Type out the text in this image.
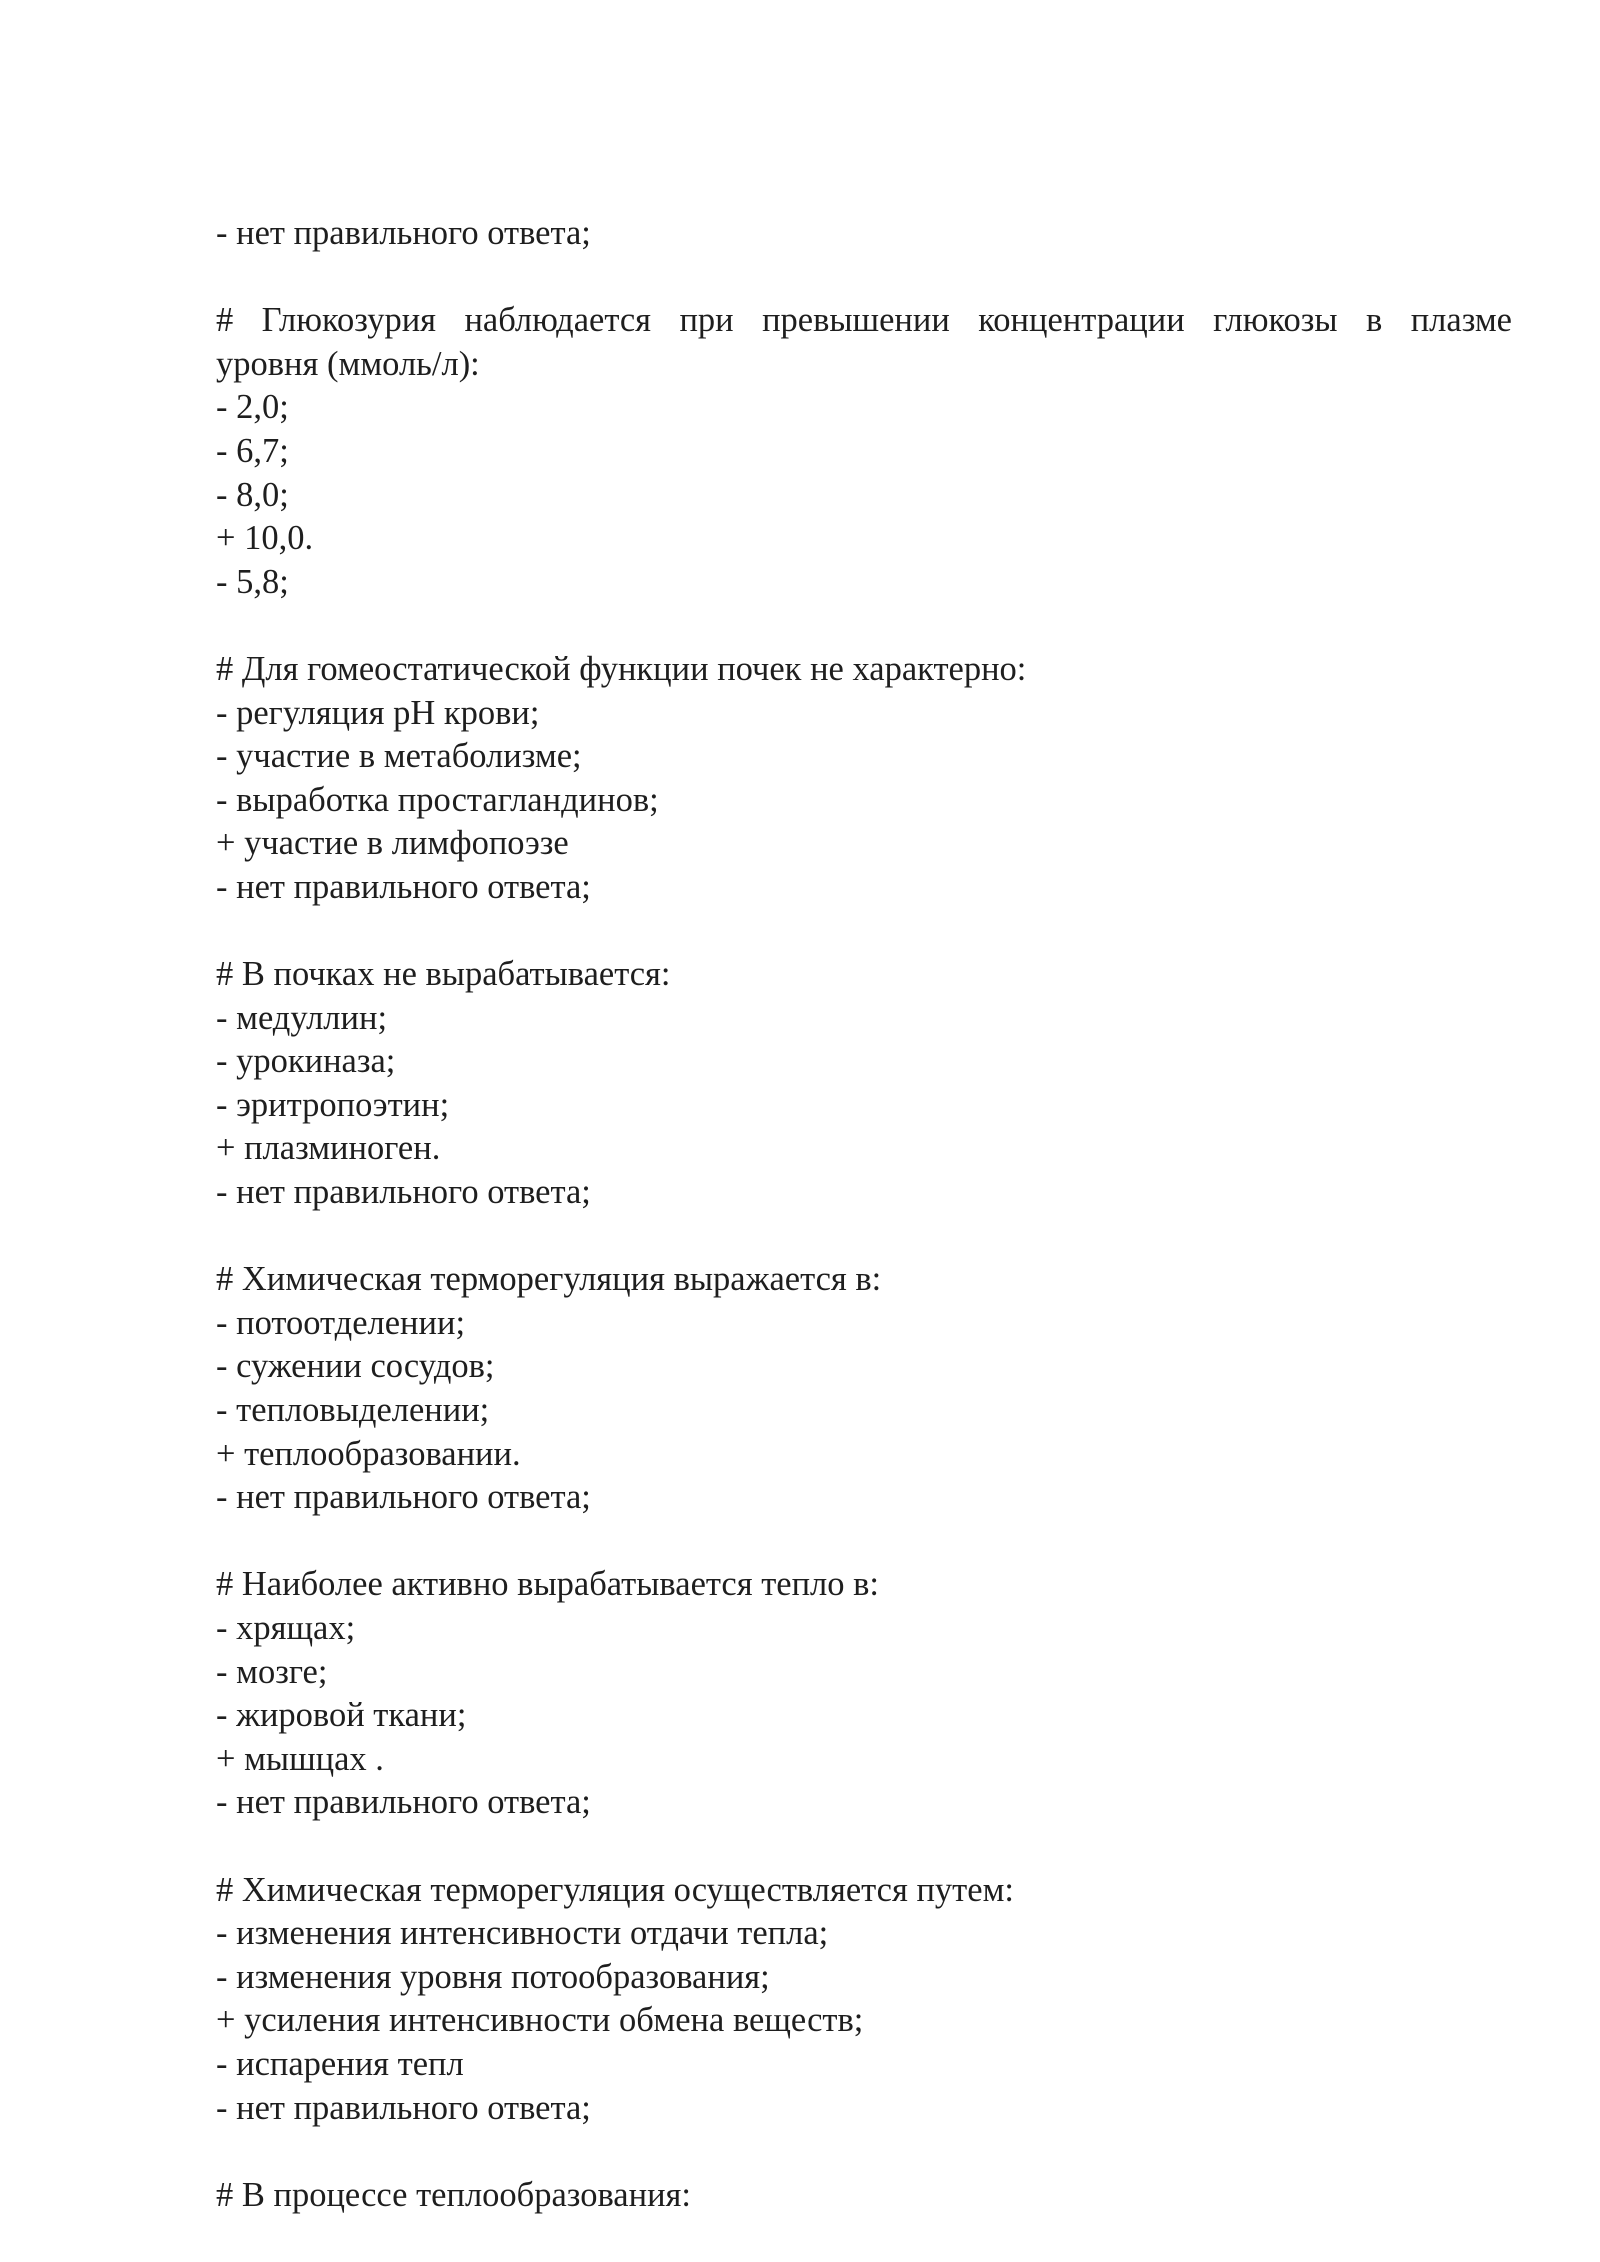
- нет правильного ответа;
# Глюкозурия наблюдается при превышении концентрации глюкозы в плазме
уровня (ммоль/л):
- 2,0;
- 6,7;
- 8,0;
+ 10,0.
- 5,8;
# Для гомеостатической функции почек не характерно:
- регуляция pH крови;
- участие в метаболизме;
- выработка простагландинов;
+ участие в лимфопоэзе
- нет правильного ответа;
# В почках не вырабатывается:
- медуллин;
- урокиназа;
- эритропоэтин;
+ плазминоген.
- нет правильного ответа;
# Химическая терморегуляция выражается в:
- потоотделении;
- сужении сосудов;
- тепловыделении;
+ теплообразовании.
- нет правильного ответа;
# Наиболее активно вырабатывается тепло в:
- хрящах;
- мозге;
- жировой ткани;
+ мышцах .
- нет правильного ответа;
# Химическая терморегуляция осуществляется путем:
- изменения интенсивности отдачи тепла;
- изменения уровня потообразования;
+ усиления интенсивности обмена веществ;
- испарения тепл
- нет правильного ответа;
# В процессе теплообразования:
